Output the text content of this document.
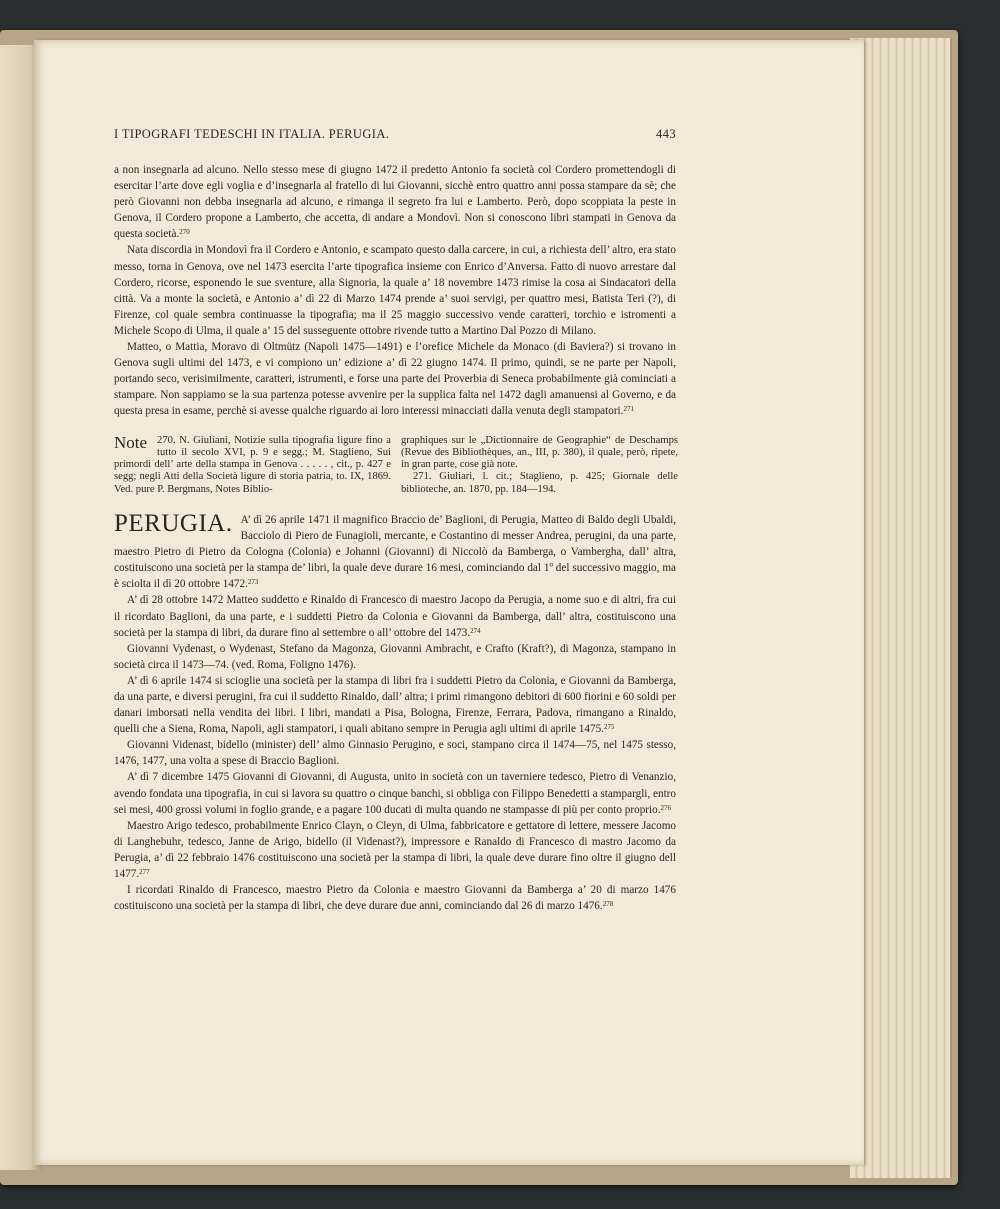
I TIPOGRAFI TEDESCHI IN ITALIA. PERUGIA.	443

a non insegnarla ad alcuno. Nello stesso mese di giugno 1472 il predetto Antonio fa società col Cordero promettendogli di esercitar l’arte dove egli voglia e d’insegnarla al fratello di lui Giovanni, sicchè entro quattro anni possa stampare da sè; che però Giovanni non debba insegnarla ad alcuno, e rimanga il segreto fra lui e Lamberto. Però, dopo scoppiata la peste in Genova, il Cordero propone a Lamberto, che accetta, di andare a Mondovì. Non si conoscono libri stampati in Genova da questa società.$^{270}$

Nata discordia in Mondovì fra il Cordero e Antonio, e scampato questo dalla carcere, in cui, a richiesta dell’ altro, era stato messo, torna in Genova, ove nel 1473 esercita l’arte tipografica insieme con Enrico d’Anversa. Fatto di nuovo arrestare dal Cordero, ricorse, esponendo le sue sventure, alla Signoria, la quale a’ 18 novembre 1473 rimise la cosa ai Sindacatori della città. Va a monte la società, e Antonio a’ dì 22 di Marzo 1474 prende a’ suoi servigi, per quattro mesi, Batista Teri (?), di Firenze, col quale sembra continuasse la tipografia; ma il 25 maggio successivo vende caratteri, torchio e istromenti a Michele Scopo di Ulma, il quale a’ 15 del susseguente ottobre rivende tutto a Martino Dal Pozzo di Milano.

Matteo, o Mattia, Moravo di Oltmütz (Napoli 1475—1491) e l’orefice Michele da Monaco (di Baviera?) si trovano in Genova sugli ultimi del 1473, e vi compiono un’ edizione a’ dì 22 giugno 1474. Il primo, quindi, se ne parte per Napoli, portando seco, verisimilmente, caratteri, istrumenti, e forse una parte dei Proverbia di Seneca probabilmente già cominciati a stampare. Non sappiamo se la sua partenza potesse avvenire per la supplica falta nel 1472 dagli amanuensi al Governo, e da questa presa in esame, perchè si avesse qualche riguardo ai loro interessi minacciati dalla venuta degli stampatori.$^{271}$

Note 270. N. Giuliani, Notizie sulla tipografia ligure fino a tutto il secolo XVI, p. 9 e segg.; M. Staglieno, Sui primordi dell’ arte della stampa in Genova . . . . . , cit., p. 427 e segg; negli Atti della Società ligure di storia patria, to. IX, 1869. Ved. pure P. Bergmans, Notes Biblio-

graphiques sur le „Dictionnaire de Geographie“ de Deschamps (Revue des Bibliothèques, an., III, p. 380), il quale, però, ripete, in gran parte, cose già note.

271. Giuliari, l. cit.; Staglieno, p. 425; Giornale delle biblioteche, an. 1870, pp. 184—194.

PERUGIA. A’ dì 26 aprile 1471 il magnifico Braccio de’ Baglioni, di Perugia, Matteo di Baldo degli Ubaldi, Bacciolo di Piero de Funagioli, mercante, e Costantino di messer Andrea, perugini, da una parte, maestro Pietro di Pietro da Cologna (Colonia) e Johanni (Giovanni) di Niccolò da Bamberga, o Vambergha, dall’ altra, costituiscono una società per la stampa de’ libri, la quale deve durare 16 mesi, cominciando dal 1º del successivo maggio, ma è sciolta il dì 20 ottobre 1472.$^{273}$

A’ dì 28 ottobre 1472 Matteo suddetto e Rinaldo di Francesco di maestro Jacopo da Perugia, a nome suo e di altri, fra cui il ricordato Baglioni, da una parte, e i suddetti Pietro da Colonia e Giovanni da Bamberga, dall’ altra, costituiscono una società per la stampa di libri, da durare fino al settembre o all’ ottobre del 1473.$^{274}$

Giovanni Vydenast, o Wydenast, Stefano da Magonza, Giovanni Ambracht, e Crafto (Kraft?), di Magonza, stampano in società circa il 1473—74. (ved. Roma, Foligno 1476).

A’ dì 6 aprile 1474 si scioglie una società per la stampa di libri fra i suddetti Pietro da Colonia, e Giovanni da Bamberga, da una parte, e diversi perugini, fra cui il suddetto Rinaldo, dall’ altra; i primi rimangono debitori di 600 fiorini e 60 soldi per danari imborsati nella vendita dei libri. I libri, mandati a Pisa, Bologna, Firenze, Ferrara, Padova, rimangano a Rinaldo, quelli che a Siena, Roma, Napoli, agli stampatori, i quali abitano sempre in Perugia agli ultimi di aprile 1475.$^{275}$

Giovanni Videnast, bidello (minister) dell’ almo Ginnasio Perugino, e soci, stampano circa il 1474—75, nel 1475 stesso, 1476, 1477, una volta a spese di Braccio Baglioni.

A’ dì 7 dicembre 1475 Giovanni di Giovanni, di Augusta, unito in società con un taverniere tedesco, Pietro di Venanzio, avendo fondata una tipografia, in cui si lavora su quattro o cinque banchi, si obbliga con Filippo Benedetti a stampargli, entro sei mesi, 400 grossi volumi in foglio grande, e a pagare 100 ducati di multa quando ne stampasse di più per conto proprio.$^{276}$

Maestro Arigo tedesco, probabilmente Enrico Clayn, o Cleyn, di Ulma, fabbricatore e gettatore di lettere, messere Jacomo di Langhebuhr, tedesco, Janne de Arigo, bidello (il Videnast?), impressore e Ranaldo di Francesco di mastro Jacomo da Perugia, a’ dì 22 febbraio 1476 costituiscono una società per la stampa di libri, la quale deve durare fino oltre il giugno dell 1477.$^{277}$

I ricordati Rinaldo di Francesco, maestro Pietro da Colonia e maestro Giovanni da Bamberga a’ 20 di marzo 1476 costituiscono una società per la stampa di libri, che deve durare due anni, cominciando dal 26 di marzo 1476.$^{278}$
